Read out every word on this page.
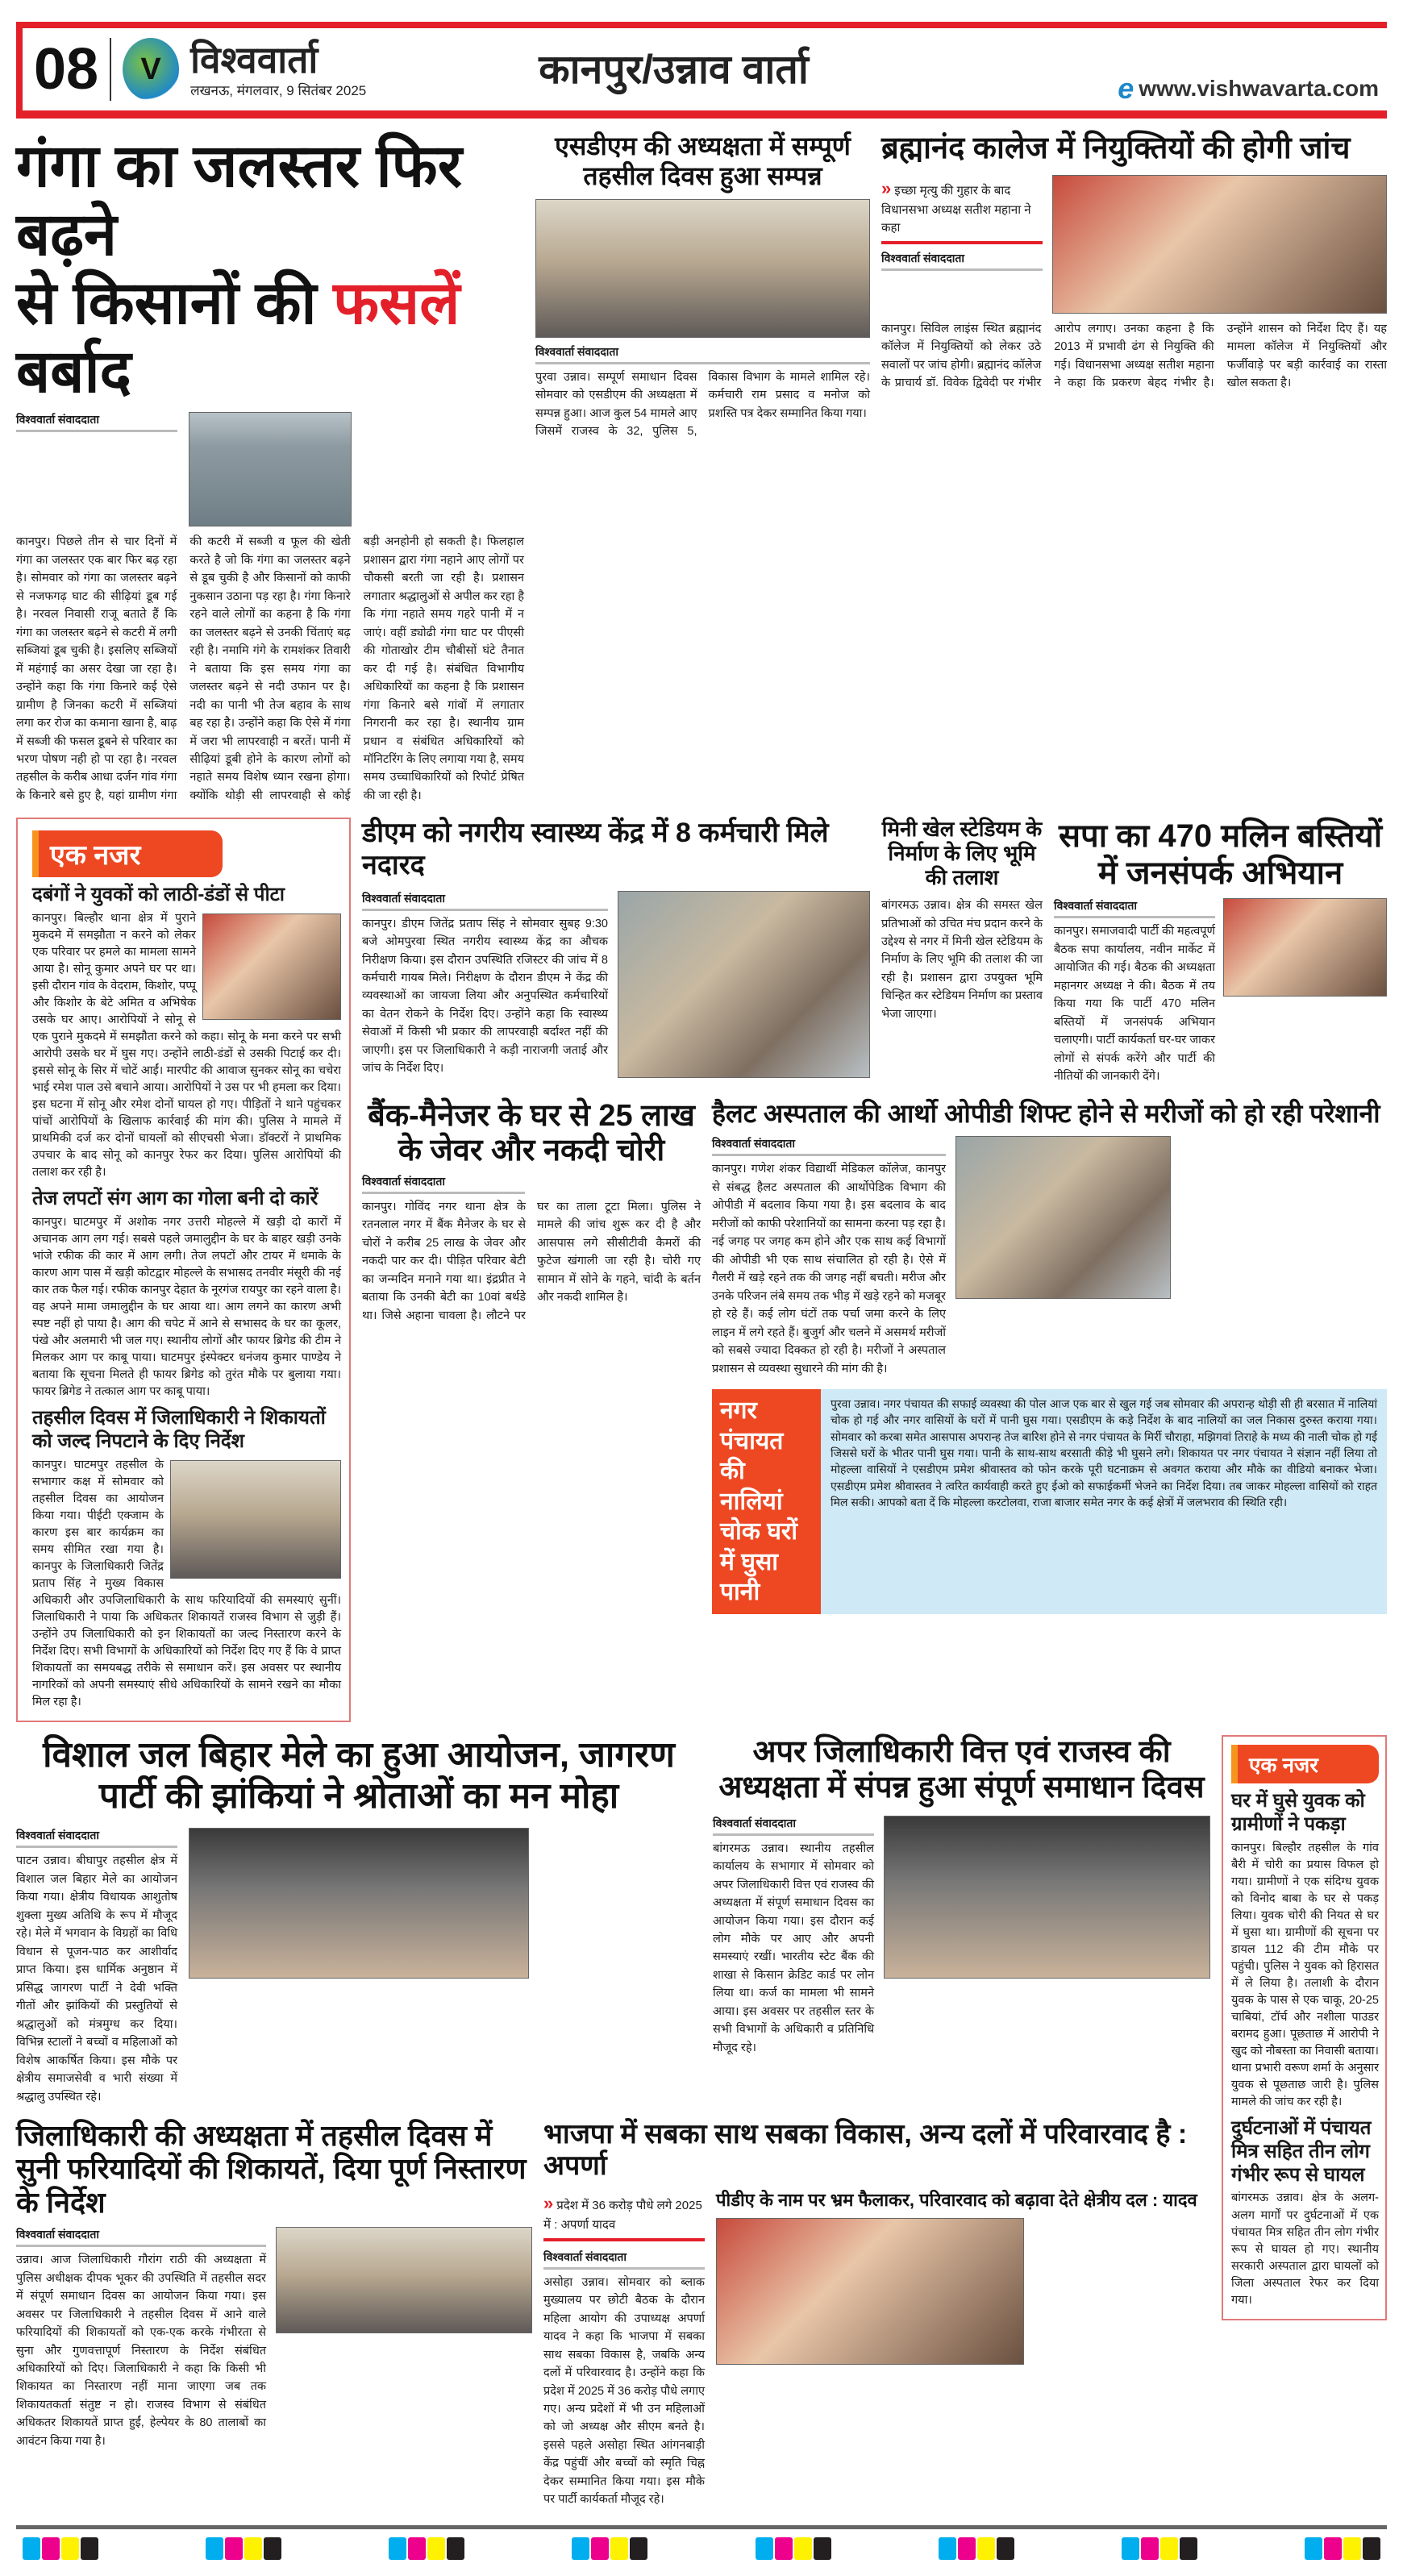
08 V विश्ववार्ता
लखनऊ, मंगलवार, 9 सितंबर 2025	कानपुर/उन्नाव वार्ता	e www.vishwavarta.com
गंगा का जलस्तर फिर बढ़ने
से किसानों की फसलें बर्बाद
विश्ववार्ता संवाददाता
कानपुर। पिछले तीन से चार दिनों में गंगा का जलस्तर एक बार फिर बढ़ रहा है। सोमवार को गंगा का जलस्तर बढ़ने से नजफगढ़ घाट की सीढ़ियां डूब गई है। नरवल निवासी राजू बताते हैं कि गंगा का जलस्तर बढ़ने से कटरी में लगी सब्जियां डूब चुकी है। इसलिए सब्जियों में महंगाई का असर देखा जा रहा है। उन्होंने कहा कि गंगा किनारे कई ऐसे ग्रामीण है जिनका कटरी में सब्जियां लगा कर रोज का कमाना खाना है, बाढ़ में सब्जी की फसल डूबने से परिवार का भरण पोषण नही हो पा रहा है। नरवल तहसील के करीब आधा दर्जन गांव गंगा के किनारे बसे हुए है, यहां ग्रामीण गंगा की कटरी में सब्जी व फूल की खेती करते है जो कि गंगा का जलस्तर बढ़ने से डूब चुकी है और किसानों को काफी नुकसान उठाना पड़ रहा है। गंगा किनारे रहने वाले लोगों का कहना है कि गंगा का जलस्तर बढ़ने से उनकी चिंताएं बढ़ रही है। नमामि गंगे के रामशंकर तिवारी ने बताया कि इस समय गंगा का जलस्तर बढ़ने से नदी उफान पर है। नदी का पानी भी तेज बहाव के साथ बह रहा है। उन्होंने कहा कि ऐसे में गंगा में जरा भी लापरवाही न बरतें। पानी में सीढ़ियां डूबी होने के कारण लोगों को नहाते समय विशेष ध्यान रखना होगा। क्योंकि थोड़ी सी लापरवाही से कोई बड़ी अनहोनी हो सकती है। फिलहाल प्रशासन द्वारा गंगा नहाने आए लोगों पर चौकसी बरती जा रही है। प्रशासन लगातार श्रद्धालुओं से अपील कर रहा है कि गंगा नहाते समय गहरे पानी में न जाएं। वहीं ड्योढी गंगा घाट पर पीएसी की गोताखोर टीम चौबीसों घंटे तैनात कर दी गई है। संबंधित विभागीय अधिकारियों का कहना है कि प्रशासन गंगा किनारे बसे गांवों में लगातार निगरानी कर रहा है। स्थानीय ग्राम प्रधान व संबंधित अधिकारियों को मॉनिटरिंग के लिए लगाया गया है, समय समय उच्चाधिकारियों को रिपोर्ट प्रेषित की जा रही है।
एसडीएम की अध्यक्षता में सम्पूर्ण तहसील दिवस हुआ सम्पन्न
विश्ववार्ता संवाददाता
पुरवा उन्नाव। सम्पूर्ण समाधान दिवस सोमवार को एसडीएम की अध्यक्षता में सम्पन्न हुआ। आज कुल 54 मामले आए जिसमें राजस्व के 32, पुलिस 5, विकास विभाग के मामले शामिल रहे। कर्मचारी राम प्रसाद व मनोज को प्रशस्ति पत्र देकर सम्मानित किया गया।
ब्रह्मानंद कालेज में नियुक्तियों की होगी जांच
» इच्छा मृत्यु की गुहार के बाद विधानसभा अध्यक्ष सतीश महाना ने कहा
विश्ववार्ता संवाददाता
कानपुर। सिविल लाइंस स्थित ब्रह्मानंद कॉलेज में नियुक्तियों को लेकर उठे सवालों पर जांच होगी। ब्रह्मानंद कॉलेज के प्राचार्य डॉ. विवेक द्विवेदी पर गंभीर आरोप लगाए। उनका कहना है कि 2013 में प्रभावी ढंग से नियुक्ति की गई। विधानसभा अध्यक्ष सतीश महाना ने कहा कि प्रकरण बेहद गंभीर है। उन्होंने शासन को निर्देश दिए हैं। यह मामला कॉलेज में नियुक्तियों और फर्जीवाड़े पर बड़ी कार्रवाई का रास्ता खोल सकता है।
एक नजर
दबंगों ने युवकों को लाठी-डंडों से पीटा
कानपुर। बिल्हौर थाना क्षेत्र में पुराने मुकदमे में समझौता न करने को लेकर एक परिवार पर हमले का मामला सामने आया है। सोनू कुमार अपने घर पर था। इसी दौरान गांव के वेदराम, किशोर, पप्पू और किशोर के बेटे अमित व अभिषेक उसके घर आए। आरोपियों ने सोनू से एक पुराने मुकदमे में समझौता करने को कहा। सोनू के मना करने पर सभी आरोपी उसके घर में घुस गए। उन्होंने लाठी-डंडों से उसकी पिटाई कर दी। इससे सोनू के सिर में चोटें आईं। मारपीट की आवाज सुनकर सोनू का चचेरा भाई रमेश पाल उसे बचाने आया। आरोपियों ने उस पर भी हमला कर दिया। इस घटना में सोनू और रमेश दोनों घायल हो गए। पीड़ितों ने थाने पहुंचकर पांचों आरोपियों के खिलाफ कार्रवाई की मांग की। पुलिस ने मामले में प्राथमिकी दर्ज कर दोनों घायलों को सीएचसी भेजा। डॉक्टरों ने प्राथमिक उपचार के बाद सोनू को कानपुर रेफर कर दिया। पुलिस आरोपियों की तलाश कर रही है।
तेज लपटों संग आग का गोला बनी दो कारें
कानपुर। घाटमपुर में अशोक नगर उत्तरी मोहल्ले में खड़ी दो कारों में अचानक आग लग गई। सबसे पहले जमालुद्दीन के घर के बाहर खड़ी उनके भांजे रफीक की कार में आग लगी। तेज लपटों और टायर में धमाके के कारण आग पास में खड़ी कोटद्वार मोहल्ले के सभासद तनवीर मंसूरी की नई कार तक फैल गई। रफीक कानपुर देहात के नूरगंज रायपुर का रहने वाला है। वह अपने मामा जमालुद्दीन के घर आया था। आग लगने का कारण अभी स्पष्ट नहीं हो पाया है। आग की चपेट में आने से सभासद के घर का कूलर, पंखे और अलमारी भी जल गए। स्थानीय लोगों और फायर ब्रिगेड की टीम ने मिलकर आग पर काबू पाया। घाटमपुर इंस्पेक्टर धनंजय कुमार पाण्डेय ने बताया कि सूचना मिलते ही फायर ब्रिगेड को तुरंत मौके पर बुलाया गया। फायर ब्रिगेड ने तत्काल आग पर काबू पाया।
तहसील दिवस में जिलाधिकारी ने शिकायतों को जल्द निपटाने के दिए निर्देश
कानपुर। घाटमपुर तहसील के सभागार कक्ष में सोमवार को तहसील दिवस का आयोजन किया गया। पीईटी एक्जाम के कारण इस बार कार्यक्रम का समय सीमित रखा गया है। कानपुर के जिलाधिकारी जितेंद्र प्रताप सिंह ने मुख्य विकास अधिकारी और उपजिलाधिकारी के साथ फरियादियों की समस्याएं सुनीं। जिलाधिकारी ने पाया कि अधिकतर शिकायतें राजस्व विभाग से जुड़ी हैं। उन्होंने उप जिलाधिकारी को इन शिकायतों का जल्द निस्तारण करने के निर्देश दिए। सभी विभागों के अधिकारियों को निर्देश दिए गए हैं कि वे प्राप्त शिकायतों का समयबद्ध तरीके से समाधान करें। इस अवसर पर स्थानीय नागरिकों को अपनी समस्याएं सीधे अधिकारियों के सामने रखने का मौका मिल रहा है।
डीएम को नगरीय स्वास्थ्य केंद्र में 8 कर्मचारी मिले नदारद
विश्ववार्ता संवाददाता
कानपुर। डीएम जितेंद्र प्रताप सिंह ने सोमवार सुबह 9:30 बजे ओमपुरवा स्थित नगरीय स्वास्थ्य केंद्र का औचक निरीक्षण किया। इस दौरान उपस्थिति रजिस्टर की जांच में 8 कर्मचारी गायब मिले। निरीक्षण के दौरान डीएम ने केंद्र की व्यवस्थाओं का जायजा लिया और अनुपस्थित कर्मचारियों का वेतन रोकने के निर्देश दिए। उन्होंने कहा कि स्वास्थ्य सेवाओं में किसी भी प्रकार की लापरवाही बर्दाश्त नहीं की जाएगी। इस पर जिलाधिकारी ने कड़ी नाराजगी जताई और जांच के निर्देश दिए।
मिनी खेल स्टेडियम के निर्माण के लिए भूमि की तलाश
बांगरमऊ उन्नाव। क्षेत्र की समस्त खेल प्रतिभाओं को उचित मंच प्रदान करने के उद्देश्य से नगर में मिनी खेल स्टेडियम के निर्माण के लिए भूमि की तलाश की जा रही है। प्रशासन द्वारा उपयुक्त भूमि चिन्हित कर स्टेडियम निर्माण का प्रस्ताव भेजा जाएगा।
सपा का 470 मलिन बस्तियों में जनसंपर्क अभियान
विश्ववार्ता संवाददाता
कानपुर। समाजवादी पार्टी की महत्वपूर्ण बैठक सपा कार्यालय, नवीन मार्केट में आयोजित की गई। बैठक की अध्यक्षता महानगर अध्यक्ष ने की। बैठक में तय किया गया कि पार्टी 470 मलिन बस्तियों में जनसंपर्क अभियान चलाएगी। पार्टी कार्यकर्ता घर-घर जाकर लोगों से संपर्क करेंगे और पार्टी की नीतियों की जानकारी देंगे।
बैंक-मैनेजर के घर से 25 लाख के जेवर और नकदी चोरी
विश्ववार्ता संवाददाता
कानपुर। गोविंद नगर थाना क्षेत्र के रतनलाल नगर में बैंक मैनेजर के घर से चोरों ने करीब 25 लाख के जेवर और नकदी पार कर दी। पीड़ित परिवार बेटी का जन्मदिन मनाने गया था। इंद्रप्रीत ने बताया कि उनकी बेटी का 10वां बर्थडे था। जिसे अहाना चावला है। लौटने पर घर का ताला टूटा मिला। पुलिस ने मामले की जांच शुरू कर दी है और आसपास लगे सीसीटीवी कैमरों की फुटेज खंगाली जा रही है। चोरी गए सामान में सोने के गहने, चांदी के बर्तन और नकदी शामिल है।
हैलट अस्पताल की आर्थो ओपीडी शिफ्ट होने से मरीजों को हो रही परेशानी
विश्ववार्ता संवाददाता
कानपुर। गणेश शंकर विद्यार्थी मेडिकल कॉलेज, कानपुर से संबद्ध हैलट अस्पताल की आर्थोपेडिक विभाग की ओपीडी में बदलाव किया गया है। इस बदलाव के बाद मरीजों को काफी परेशानियों का सामना करना पड़ रहा है। नई जगह पर जगह कम होने और एक साथ कई विभागों की ओपीडी भी एक साथ संचालित हो रही है। ऐसे में गैलरी में खड़े रहने तक की जगह नहीं बचती। मरीज और उनके परिजन लंबे समय तक भीड़ में खड़े रहने को मजबूर हो रहे हैं। कई लोग घंटों तक पर्चा जमा करने के लिए लाइन में लगे रहते हैं। बुजुर्ग और चलने में असमर्थ मरीजों को सबसे ज्यादा दिक्कत हो रही है। मरीजों ने अस्पताल प्रशासन से व्यवस्था सुधारने की मांग की है।
नगर पंचायत की नालियां चोक घरों में घुसा पानी
पुरवा उन्नाव। नगर पंचायत की सफाई व्यवस्था की पोल आज एक बार से खुल गई जब सोमवार की अपरान्ह थोड़ी सी ही बरसात में नालियां चोक हो गई और नगर वासियों के घरों में पानी घुस गया। एसडीएम के कड़े निर्देश के बाद नालियों का जल निकास दुरुस्त कराया गया। सोमवार को करबा समेत आसपास अपरान्ह तेज बारिश होने से नगर पंचायत के मिर्री चौराहा, मझिगवां तिराहे के मध्य की नाली चोक हो गई जिससे घरों के भीतर पानी घुस गया। पानी के साथ-साथ बरसाती कीड़े भी घुसने लगे। शिकायत पर नगर पंचायत ने संज्ञान नहीं लिया तो मोहल्ला वासियों ने एसडीएम प्रमेश श्रीवास्तव को फोन करके पूरी घटनाक्रम से अवगत कराया और मौके का वीडियो बनाकर भेजा। एसडीएम प्रमेश श्रीवास्तव ने त्वरित कार्यवाही करते हुए ईओ को सफाईकर्मी भेजने का निर्देश दिया। तब जाकर मोहल्ला वासियों को राहत मिल सकी। आपको बता दें कि मोहल्ला करटोलवा, राजा बाजार समेत नगर के कई क्षेत्रों में जलभराव की स्थिति रही।
विशाल जल बिहार मेले का हुआ आयोजन, जागरण पार्टी की झांकियां ने श्रोताओं का मन मोहा
विश्ववार्ता संवाददाता
पाटन उन्नाव। बीघापुर तहसील क्षेत्र में विशाल जल बिहार मेले का आयोजन किया गया। क्षेत्रीय विधायक आशुतोष शुक्ला मुख्य अतिथि के रूप में मौजूद रहे। मेले में भगवान के विग्रहों का विधि विधान से पूजन-पाठ कर आशीर्वाद प्राप्त किया। इस धार्मिक अनुष्ठान में प्रसिद्ध जागरण पार्टी ने देवी भक्ति गीतों और झांकियों की प्रस्तुतियों से श्रद्धालुओं को मंत्रमुग्ध कर दिया। विभिन्न स्टालों ने बच्चों व महिलाओं को विशेष आकर्षित किया। इस मौके पर क्षेत्रीय समाजसेवी व भारी संख्या में श्रद्धालु उपस्थित रहे।
अपर जिलाधिकारी वित्त एवं राजस्व की अध्यक्षता में संपन्न हुआ संपूर्ण समाधान दिवस
विश्ववार्ता संवाददाता
बांगरमऊ उन्नाव। स्थानीय तहसील कार्यालय के सभागार में सोमवार को अपर जिलाधिकारी वित्त एवं राजस्व की अध्यक्षता में संपूर्ण समाधान दिवस का आयोजन किया गया। इस दौरान कई लोग मौके पर आए और अपनी समस्याएं रखीं। भारतीय स्टेट बैंक की शाखा से किसान क्रेडिट कार्ड पर लोन लिया था। कर्ज का मामला भी सामने आया। इस अवसर पर तहसील स्तर के सभी विभागों के अधिकारी व प्रतिनिधि मौजूद रहे।
जिलाधिकारी की अध्यक्षता में तहसील दिवस में सुनी फरियादियों की शिकायतें, दिया पूर्ण निस्तारण के निर्देश
विश्ववार्ता संवाददाता
उन्नाव। आज जिलाधिकारी गौरांग राठी की अध्यक्षता में पुलिस अधीक्षक दीपक भूकर की उपस्थिति में तहसील सदर में संपूर्ण समाधान दिवस का आयोजन किया गया। इस अवसर पर जिलाधिकारी ने तहसील दिवस में आने वाले फरियादियों की शिकायतों को एक-एक करके गंभीरता से सुना और गुणवत्तापूर्ण निस्तारण के निर्देश संबंधित अधिकारियों को दिए। जिलाधिकारी ने कहा कि किसी भी शिकायत का निस्तारण नहीं माना जाएगा जब तक शिकायतकर्ता संतुष्ट न हो। राजस्व विभाग से संबंधित अधिकतर शिकायतें प्राप्त हुईं, हेल्पेयर के 80 तालाबों का आवंटन किया गया है।
भाजपा में सबका साथ सबका विकास, अन्य दलों में परिवारवाद है : अपर्णा
» प्रदेश में 36 करोड़ पौधे लगे 2025 में : अपर्णा यादव
विश्ववार्ता संवाददाता
असोहा उन्नाव। सोमवार को ब्लाक मुख्यालय पर छोटी बैठक के दौरान महिला आयोग की उपाध्यक्ष अपर्णा यादव ने कहा कि भाजपा में सबका साथ सबका विकास है, जबकि अन्य दलों में परिवारवाद है। उन्होंने कहा कि प्रदेश में 2025 में 36 करोड़ पौधे लगाए गए। अन्य प्रदेशों में भी उन महिलाओं को जो अध्यक्ष और सीएम बनते है। इससे पहले असोहा स्थित आंगनबाड़ी केंद्र पहुंचीं और बच्चों को स्मृति चिह्न देकर सम्मानित किया गया। इस मौके पर पार्टी कार्यकर्ता मौजूद रहे।
पीडीए के नाम पर भ्रम फैलाकर, परिवारवाद को बढ़ावा देते क्षेत्रीय दल : यादव
एक नजर
घर में घुसे युवक को ग्रामीणों ने पकड़ा
कानपुर। बिल्हौर तहसील के गांव बैरी में चोरी का प्रयास विफल हो गया। ग्रामीणों ने एक संदिग्ध युवक को विनोद बाबा के घर से पकड़ लिया। युवक चोरी की नियत से घर में घुसा था। ग्रामीणों की सूचना पर डायल 112 की टीम मौके पर पहुंची। पुलिस ने युवक को हिरासत में ले लिया है। तलाशी के दौरान युवक के पास से एक चाकू, 20-25 चाबियां, टॉर्च और नशीला पाउडर बरामद हुआ। पूछताछ में आरोपी ने खुद को नौबस्ता का निवासी बताया। थाना प्रभारी वरूण शर्मा के अनुसार युवक से पूछताछ जारी है। पुलिस मामले की जांच कर रही है।
दुर्घटनाओं में पंचायत मित्र सहित तीन लोग गंभीर रूप से घायल
बांगरमऊ उन्नाव। क्षेत्र के अलग-अलग मार्गों पर दुर्घटनाओं में एक पंचायत मित्र सहित तीन लोग गंभीर रूप से घायल हो गए। स्थानीय सरकारी अस्पताल द्वारा घायलों को जिला अस्पताल रेफर कर दिया गया।
